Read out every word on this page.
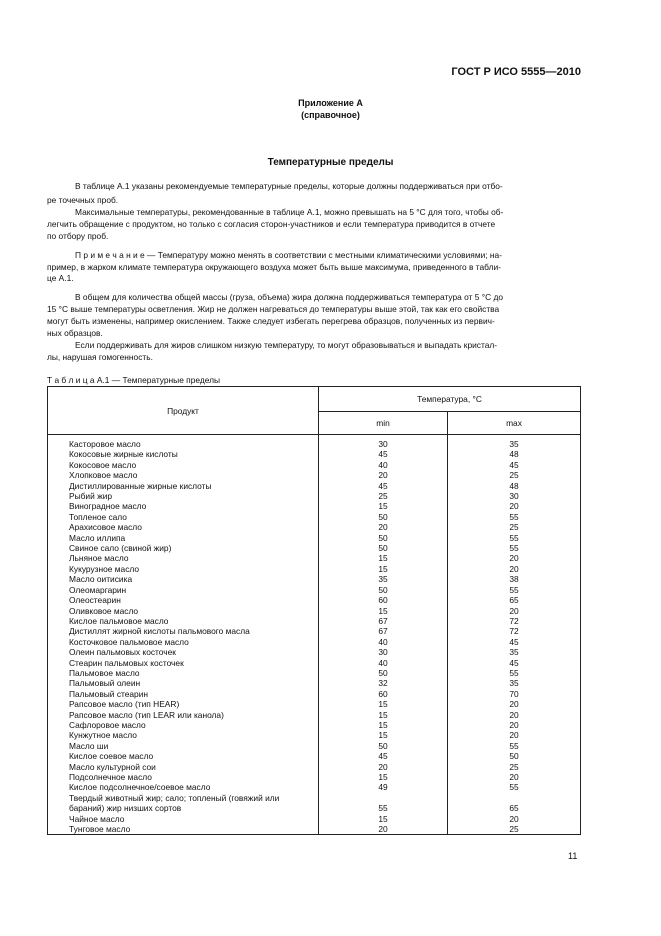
ГОСТ Р ИСО 5555—2010
Приложение А
(справочное)
Температурные пределы
В таблице А.1 указаны рекомендуемые температурные пределы, которые должны поддерживаться при отбо-
ре точечных проб.
Максимальные температуры, рекомендованные в таблице А.1, можно превышать на 5 °С для того, чтобы об-
легчить обращение с продуктом, но только с согласия сторон-участников и если температура приводится в отчете
по отбору проб.
П р и м е ч а н и е — Температуру можно менять в соответствии с местными климатическими условиями; на-
пример, в жарком климате температура окружающего воздуха может быть выше максимума, приведенного в табли-
це А.1.
В общем для количества общей массы (груза, объема) жира должна поддерживаться температура от 5 °С до
15 °С выше температуры осветления. Жир не должен нагреваться до температуры выше этой, так как его свойства
могут быть изменены, например окислением. Также следует избегать перегрева образцов, полученных из первич-
ных образцов.
Если поддерживать для жиров слишком низкую температуру, то могут образовываться и выпадать кристал-
лы, нарушая гомогенность.
Т а б л и ц а А.1 — Температурные пределы
Продукт	Температура, °С	
	min	max
Касторовое масло	30	35
Кокосовые жирные кислоты	45	48
Кокосовое масло	40	45
Хлопковое масло	20	25
Дистиллированные жирные кислоты	45	48
Рыбий жир	25	30
Виноградное масло	15	20
Топленое сало	50	55
Арахисовое масло	20	25
Масло иллипа	50	55
Свиное сало (свиной жир)	50	55
Льняное масло	15	20
Кукурузное масло	15	20
Масло оитисика	35	38
Олеомаргарин	50	55
Олеостеарин	60	65
Оливковое масло	15	20
Кислое пальмовое масло	67	72
Дистиллят жирной кислоты пальмового масла	67	72
Косточковое пальмовое масло	40	45
Олеин пальмовых косточек	30	35
Стеарин пальмовых косточек	40	45
Пальмовое масло	50	55
Пальмовый олеин	32	35
Пальмовый стеарин	60	70
Рапсовое масло (тип HEAR)	15	20
Рапсовое масло (тип LEAR или канола)	15	20
Сафлоровое масло	15	20
Кунжутное масло	15	20
Масло ши	50	55
Кислое соевое масло	45	50
Масло культурной сои	20	25
Подсолнечное масло	15	20
Кислое подсолнечное/соевое масло	49	55
Твердый животный жир; сало; топленый (говяжий или бараний) жир низших сортов	55	65
Чайное масло	15	20
Тунговое масло	20	25
11
